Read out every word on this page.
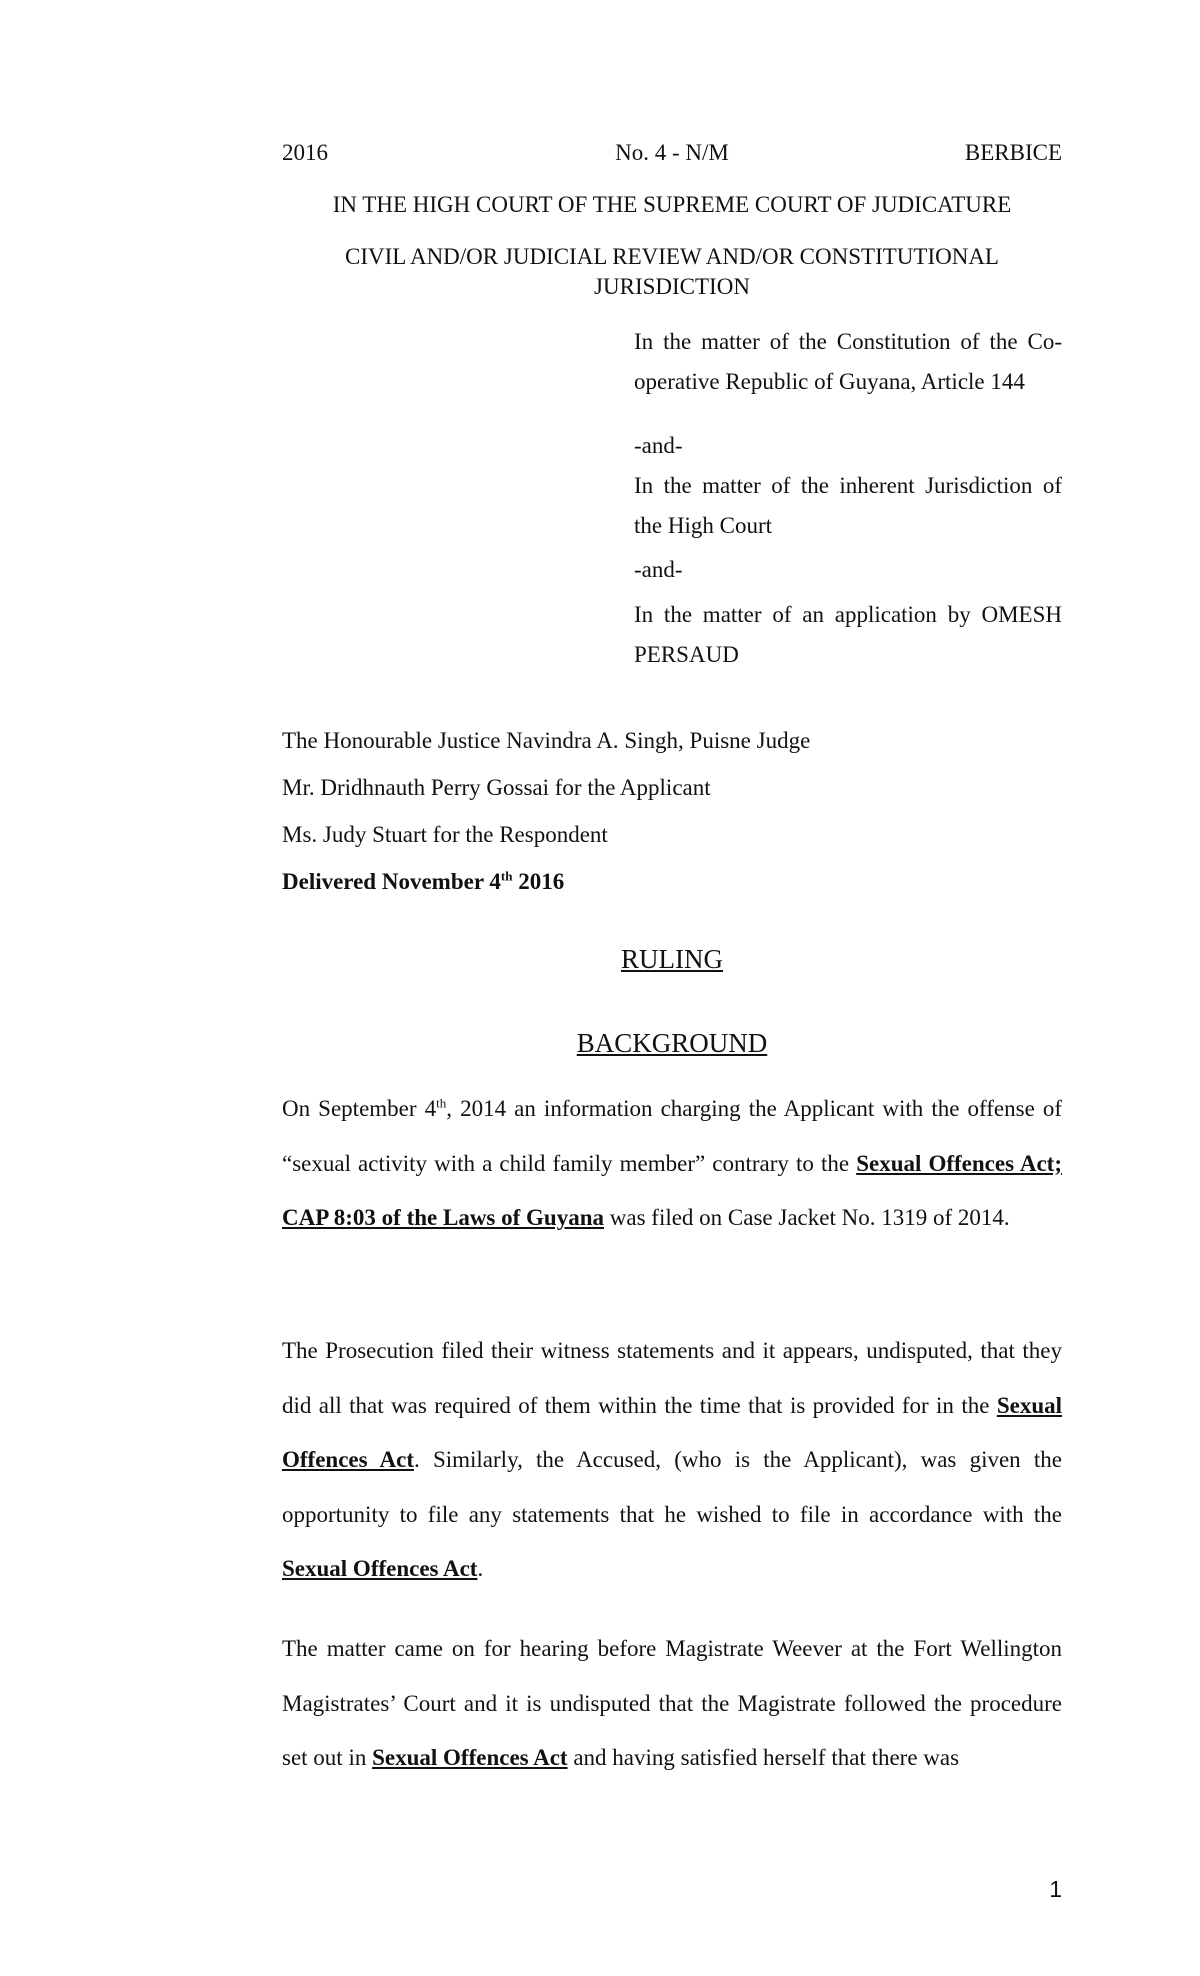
2016	No. 4 - N/M	BERBICE
IN THE HIGH COURT OF THE SUPREME COURT OF JUDICATURE
CIVIL AND/OR JUDICIAL REVIEW AND/OR CONSTITUTIONAL
JURISDICTION
In the matter of the Constitution of the Co-operative Republic of Guyana, Article 144
-and-
In the matter of the inherent Jurisdiction of the High Court
-and-
In the matter of an application by OMESH PERSAUD
The Honourable Justice Navindra A. Singh, Puisne Judge
Mr. Dridhnauth Perry Gossai for the Applicant
Ms. Judy Stuart for the Respondent
Delivered November 4th 2016
RULING
BACKGROUND
On September 4th, 2014 an information charging the Applicant with the offense of “sexual activity with a child family member” contrary to the Sexual Offences Act; CAP 8:03 of the Laws of Guyana was filed on Case Jacket No. 1319 of 2014.
The Prosecution filed their witness statements and it appears, undisputed, that they did all that was required of them within the time that is provided for in the Sexual Offences Act. Similarly, the Accused, (who is the Applicant), was given the opportunity to file any statements that he wished to file in accordance with the Sexual Offences Act.
The matter came on for hearing before Magistrate Weever at the Fort Wellington Magistrates’ Court and it is undisputed that the Magistrate followed the procedure set out in Sexual Offences Act and having satisfied herself that there was
1
